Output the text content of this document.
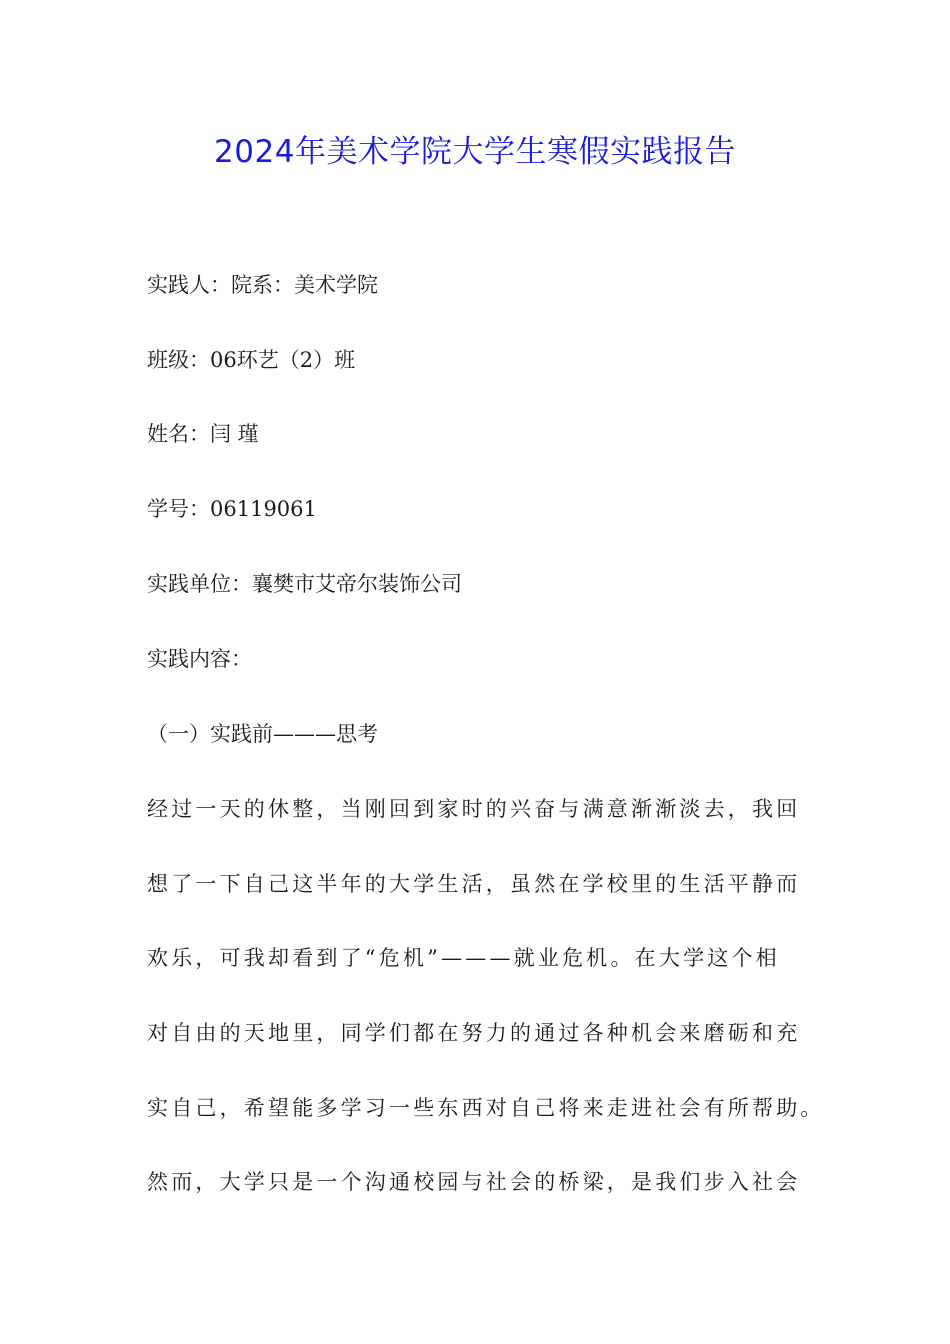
2024年美术学院大学生寒假实践报告
实践人：院系：美术学院
班级：06环艺（2）班
姓名：闫 瑾
学号：06119061
实践单位：襄樊市艾帝尔装饰公司
实践内容：
（一）实践前———思考
经过一天的休整，当刚回到家时的兴奋与满意渐渐淡去，我回
想了一下自己这半年的大学生活，虽然在学校里的生活平静而
欢乐，可我却看到了“危机”———就业危机。在大学这个相
对自由的天地里，同学们都在努力的通过各种机会来磨砺和充
实自己，希望能多学习一些东西对自己将来走进社会有所帮助。
然而，大学只是一个沟通校园与社会的桥梁，是我们步入社会
